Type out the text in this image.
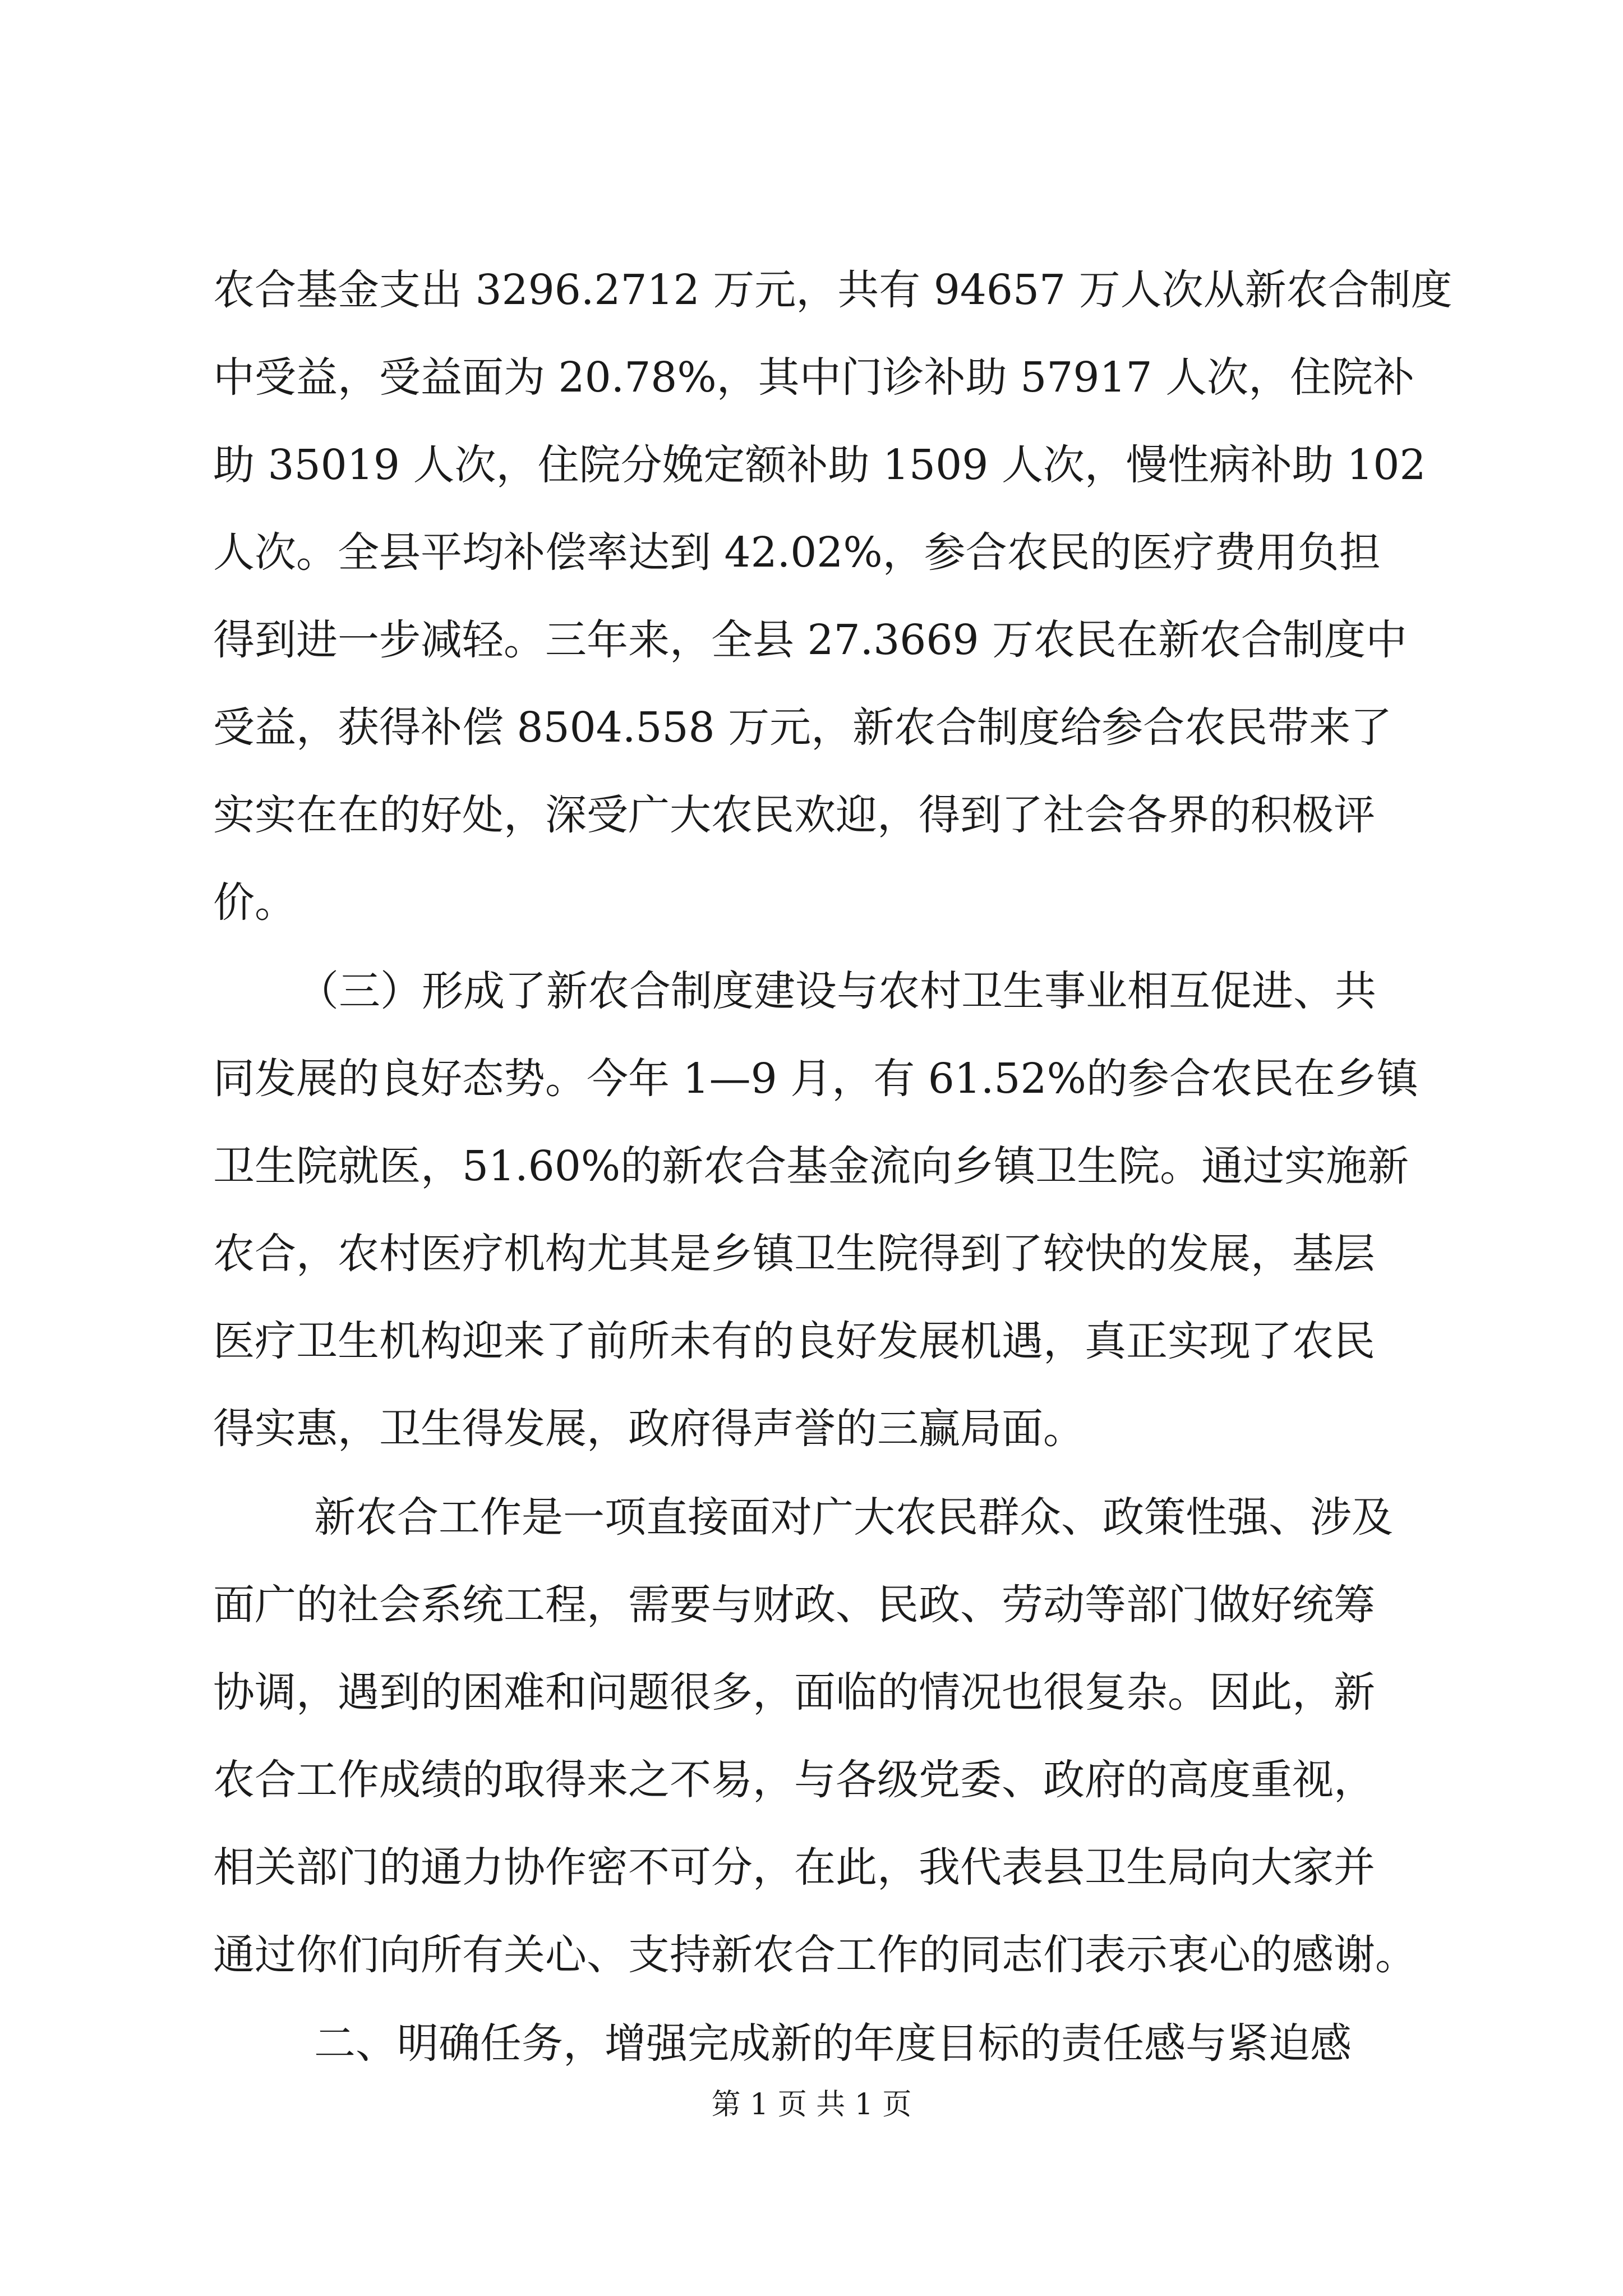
农合基金支出 3296.2712 万元，共有 94657 万人次从新农合制度
中受益，受益面为 20.78%，其中门诊补助 57917 人次，住院补
助 35019 人次，住院分娩定额补助 1509 人次，慢性病补助 102
人次。全县平均补偿率达到 42.02%，参合农民的医疗费用负担
得到进一步减轻。三年来，全县 27.3669 万农民在新农合制度中
受益，获得补偿 8504.558 万元，新农合制度给参合农民带来了
实实在在的好处，深受广大农民欢迎，得到了社会各界的积极评
价。
（三）形成了新农合制度建设与农村卫生事业相互促进、共
同发展的良好态势。今年 1—9 月，有 61.52%的参合农民在乡镇
卫生院就医，51.60%的新农合基金流向乡镇卫生院。通过实施新
农合，农村医疗机构尤其是乡镇卫生院得到了较快的发展，基层
医疗卫生机构迎来了前所未有的良好发展机遇，真正实现了农民
得实惠，卫生得发展，政府得声誉的三赢局面。
新农合工作是一项直接面对广大农民群众、政策性强、涉及
面广的社会系统工程，需要与财政、民政、劳动等部门做好统筹
协调，遇到的困难和问题很多，面临的情况也很复杂。因此，新
农合工作成绩的取得来之不易，与各级党委、政府的高度重视，
相关部门的通力协作密不可分，在此，我代表县卫生局向大家并
通过你们向所有关心、支持新农合工作的同志们表示衷心的感谢。
二、明确任务，增强完成新的年度目标的责任感与紧迫感
第 1 页 共 1 页
